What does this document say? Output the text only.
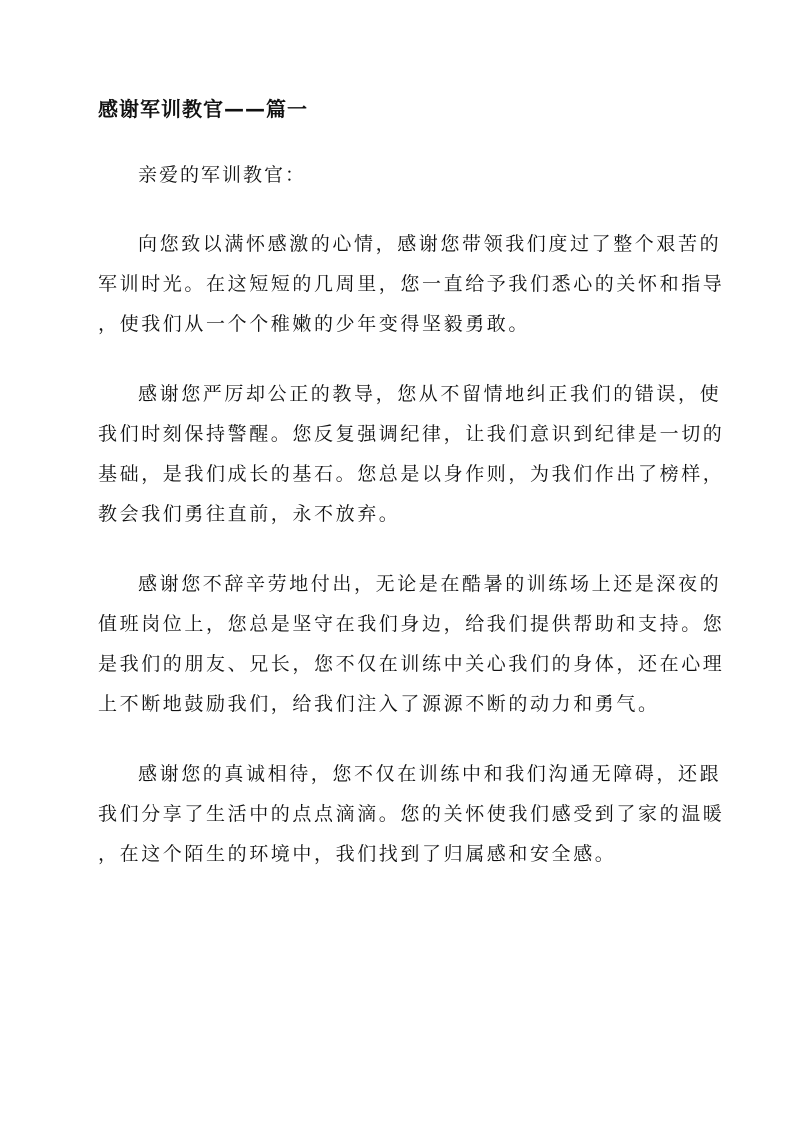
感谢军训教官——篇一

亲爱的军训教官：

向您致以满怀感激的心情，感谢您带领我们度过了整个艰苦的
军训时光。在这短短的几周里，您一直给予我们悉心的关怀和指导
，使我们从一个个稚嫩的少年变得坚毅勇敢。
感谢您严厉却公正的教导，您从不留情地纠正我们的错误，使
我们时刻保持警醒。您反复强调纪律，让我们意识到纪律是一切的
基础，是我们成长的基石。您总是以身作则，为我们作出了榜样，
教会我们勇往直前，永不放弃。
感谢您不辞辛劳地付出，无论是在酷暑的训练场上还是深夜的
值班岗位上，您总是坚守在我们身边，给我们提供帮助和支持。您
是我们的朋友、兄长，您不仅在训练中关心我们的身体，还在心理
上不断地鼓励我们，给我们注入了源源不断的动力和勇气。
感谢您的真诚相待，您不仅在训练中和我们沟通无障碍，还跟
我们分享了生活中的点点滴滴。您的关怀使我们感受到了家的温暖
，在这个陌生的环境中，我们找到了归属感和安全感。
